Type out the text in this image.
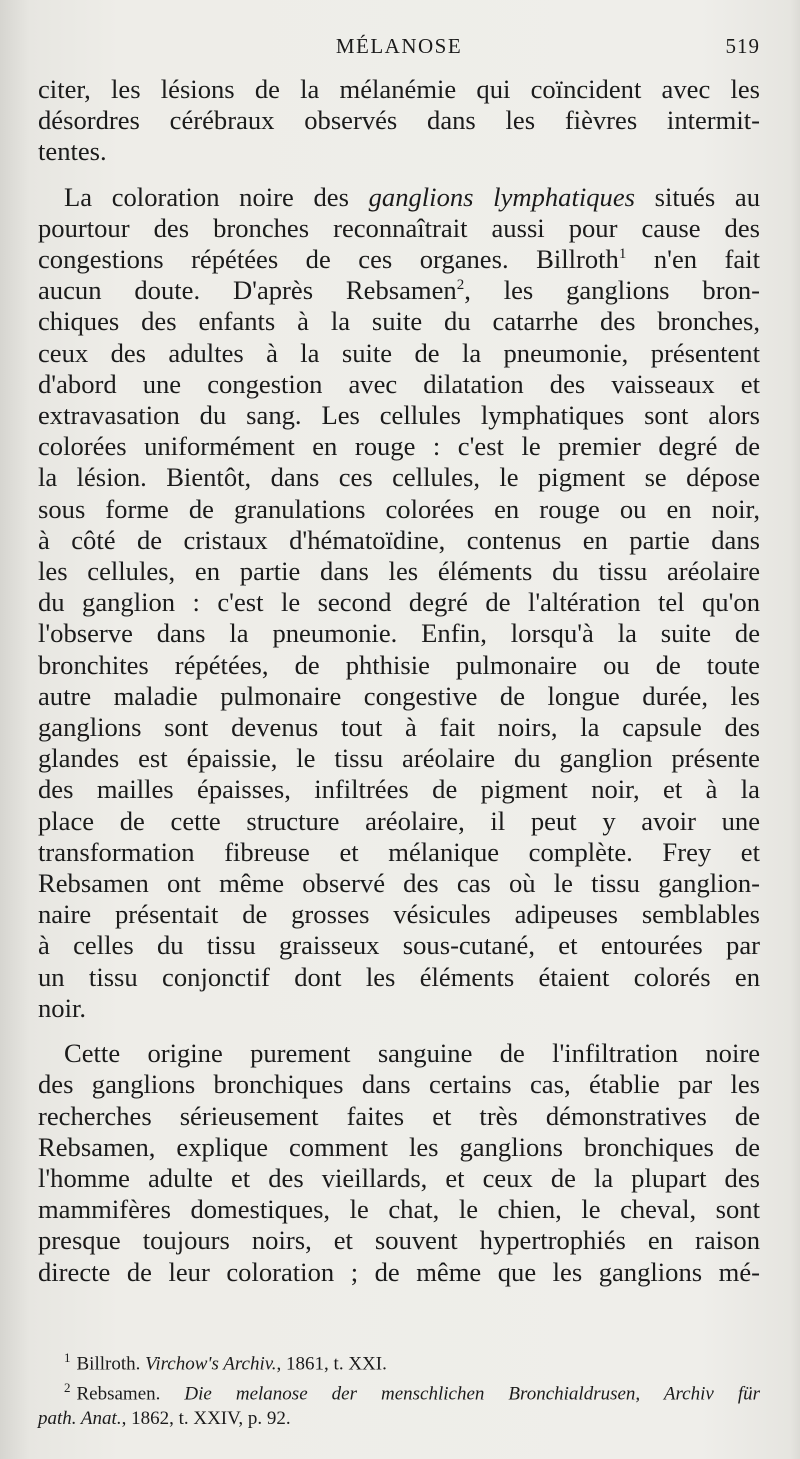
MÉLANOSE	519
citer, les lésions de la mélanémie qui coïncident avec les
désordres cérébraux observés dans les fièvres intermit-
tentes.
La coloration noire des ganglions lymphatiques situés au
pourtour des bronches reconnaîtrait aussi pour cause des
congestions répétées de ces organes. Billroth$^1$ n'en fait
aucun doute. D'après Rebsamen$^2$, les ganglions bron-
chiques des enfants à la suite du catarrhe des bronches,
ceux des adultes à la suite de la pneumonie, présentent
d'abord une congestion avec dilatation des vaisseaux et
extravasation du sang. Les cellules lymphatiques sont alors
colorées uniformément en rouge : c'est le premier degré de
la lésion. Bientôt, dans ces cellules, le pigment se dépose
sous forme de granulations colorées en rouge ou en noir,
à côté de cristaux d'hématoïdine, contenus en partie dans
les cellules, en partie dans les éléments du tissu aréolaire
du ganglion : c'est le second degré de l'altération tel qu'on
l'observe dans la pneumonie. Enfin, lorsqu'à la suite de
bronchites répétées, de phthisie pulmonaire ou de toute
autre maladie pulmonaire congestive de longue durée, les
ganglions sont devenus tout à fait noirs, la capsule des
glandes est épaissie, le tissu aréolaire du ganglion présente
des mailles épaisses, infiltrées de pigment noir, et à la
place de cette structure aréolaire, il peut y avoir une
transformation fibreuse et mélanique complète. Frey et
Rebsamen ont même observé des cas où le tissu ganglion-
naire présentait de grosses vésicules adipeuses semblables
à celles du tissu graisseux sous-cutané, et entourées par
un tissu conjonctif dont les éléments étaient colorés en
noir.
Cette origine purement sanguine de l'infiltration noire
des ganglions bronchiques dans certains cas, établie par les
recherches sérieusement faites et très démonstratives de
Rebsamen, explique comment les ganglions bronchiques de
l'homme adulte et des vieillards, et ceux de la plupart des
mammifères domestiques, le chat, le chien, le cheval, sont
presque toujours noirs, et souvent hypertrophiés en raison
directe de leur coloration ; de même que les ganglions mé-
$^1$ Billroth. Virchow's Archiv., 1861, t. XXI.
$^2$ Rebsamen. Die melanose der menschlichen Bronchialdrusen, Archiv für
path. Anat., 1862, t. XXIV, p. 92.
